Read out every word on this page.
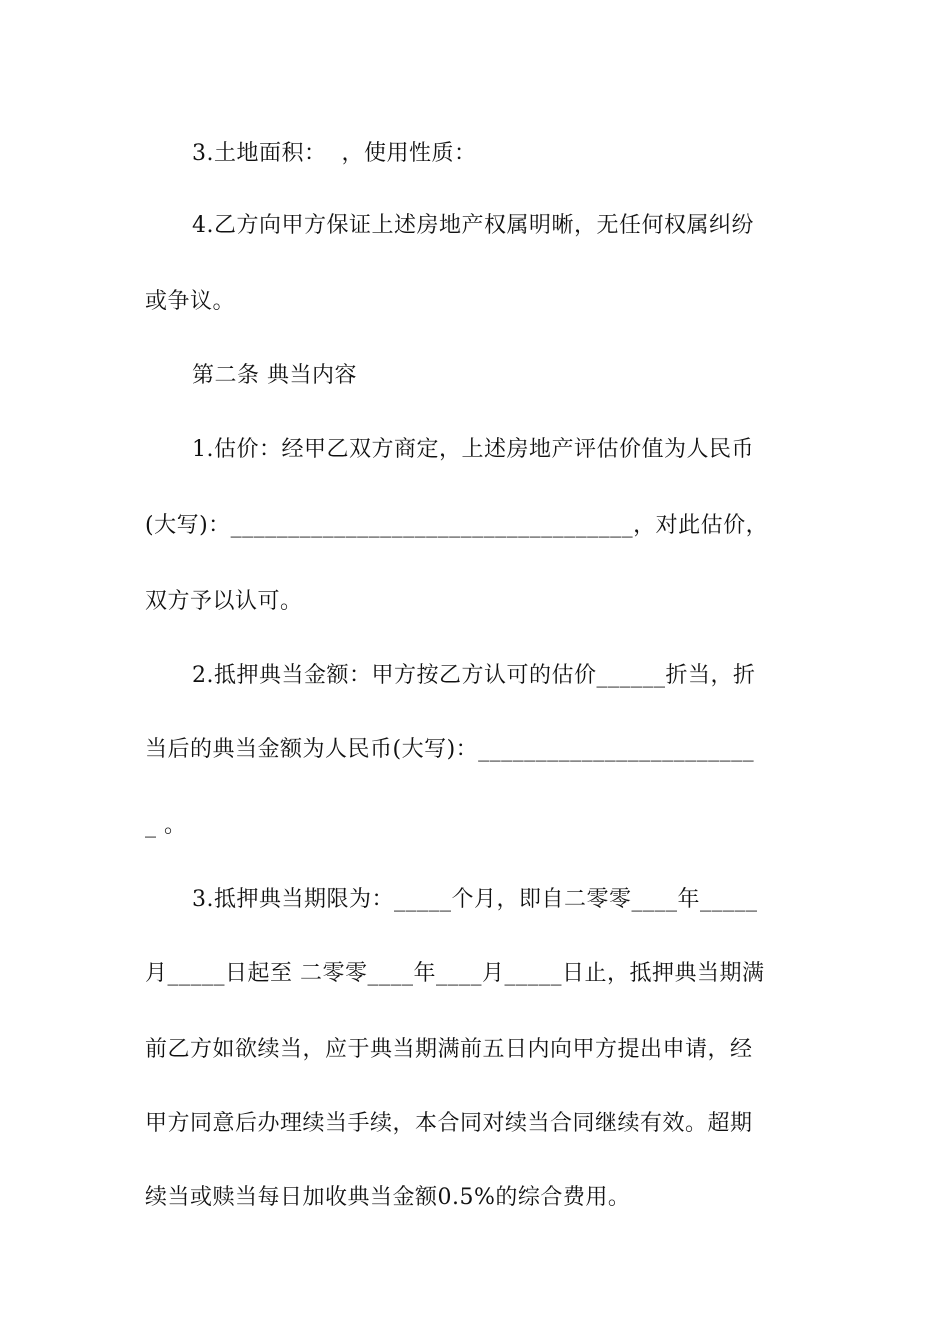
3.土地面积：  ，使用性质：
4.乙方向甲方保证上述房地产权属明晰，无任何权属纠纷
或争议。
第二条 典当内容
1.估价：经甲乙双方商定，上述房地产评估价值为人民币
(大写)：___________________________________，对此估价，
双方予以认可。
2.抵押典当金额：甲方按乙方认可的估价______折当，折
当后的典当金额为人民币(大写)：________________________
_ 。
3.抵押典当期限为：_____个月，即自二零零____年_____
月_____日起至 二零零____年____月_____日止，抵押典当期满
前乙方如欲续当，应于典当期满前五日内向甲方提出申请，经
甲方同意后办理续当手续，本合同对续当合同继续有效。超期
续当或赎当每日加收典当金额0.5%的综合费用。
